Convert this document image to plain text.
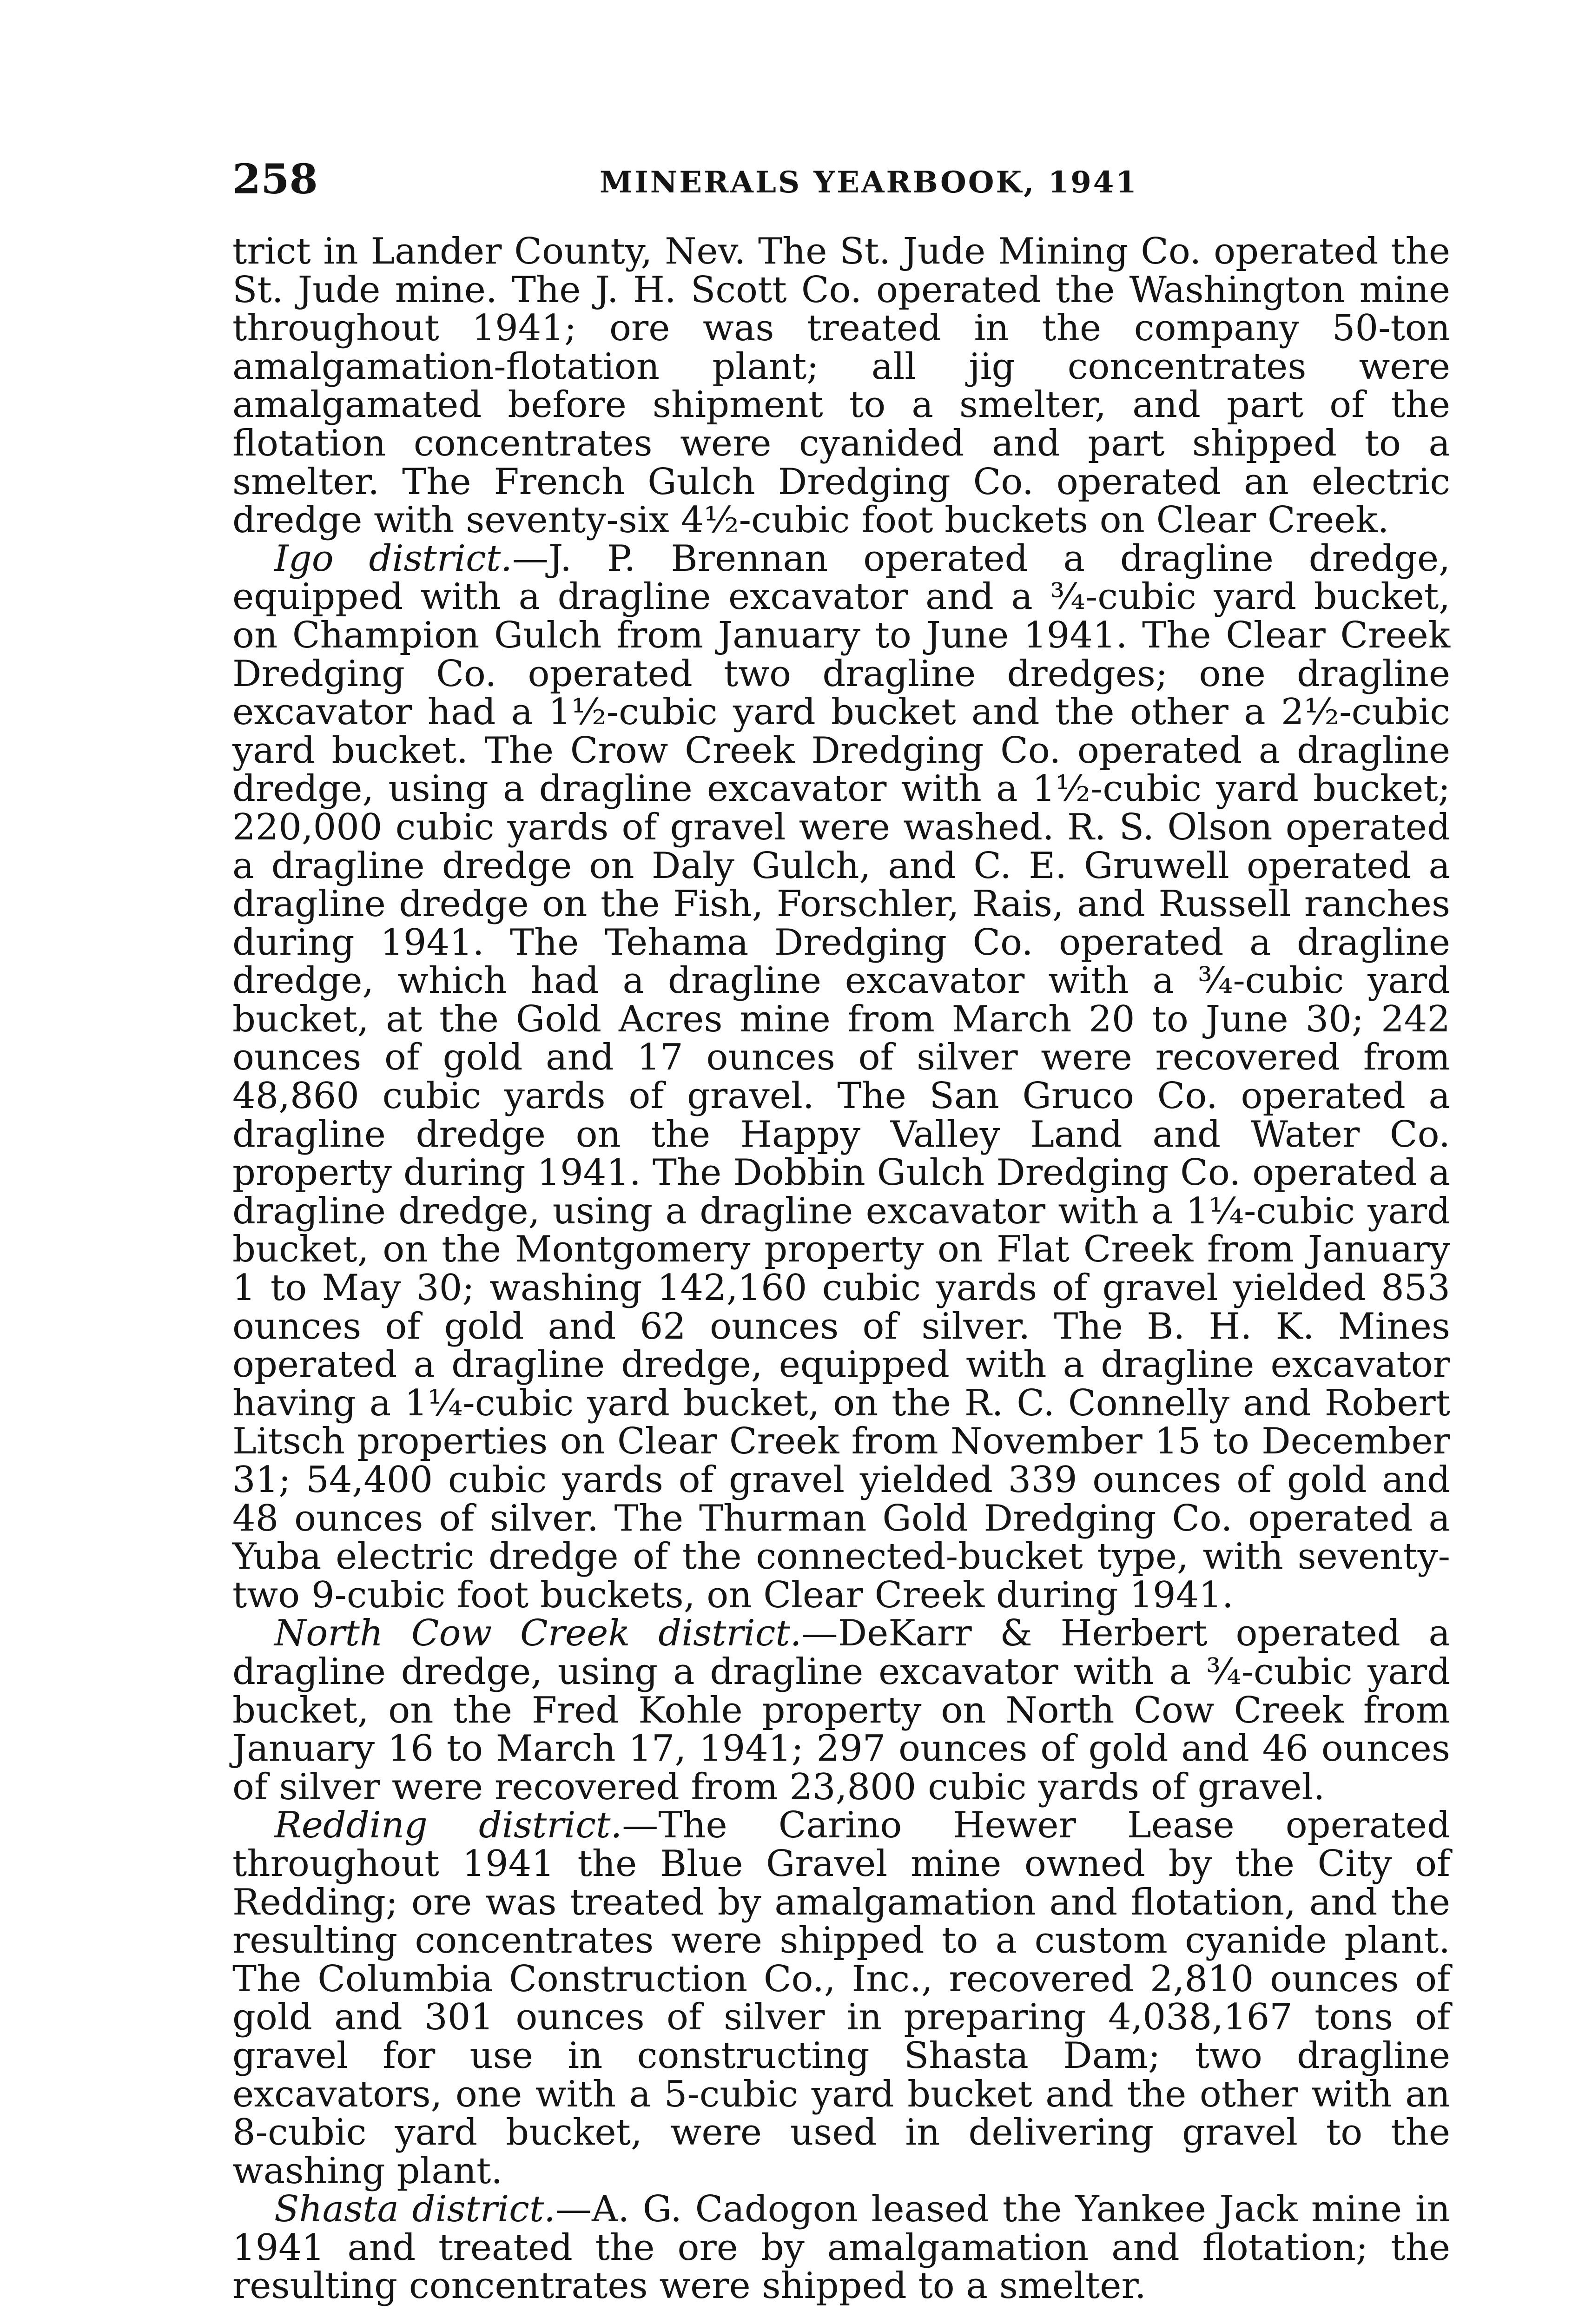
258	MINERALS YEARBOOK, 1941

trict in Lander County, Nev. The St. Jude Mining Co. operated the St. Jude mine. The J. H. Scott Co. operated the Washington mine throughout 1941; ore was treated in the company 50-ton amalgamation-flotation plant; all jig concentrates were amalgamated before shipment to a smelter, and part of the flotation concentrates were cyanided and part shipped to a smelter. The French Gulch Dredging Co. operated an electric dredge with seventy-six 4½-cubic foot buckets on Clear Creek.

Igo district.—J. P. Brennan operated a dragline dredge, equipped with a dragline excavator and a ¾-cubic yard bucket, on Champion Gulch from January to June 1941. The Clear Creek Dredging Co. operated two dragline dredges; one dragline excavator had a 1½-cubic yard bucket and the other a 2½-cubic yard bucket. The Crow Creek Dredging Co. operated a dragline dredge, using a dragline excavator with a 1½-cubic yard bucket; 220,000 cubic yards of gravel were washed. R. S. Olson operated a dragline dredge on Daly Gulch, and C. E. Gruwell operated a dragline dredge on the Fish, Forschler, Rais, and Russell ranches during 1941. The Tehama Dredging Co. operated a dragline dredge, which had a dragline excavator with a ¾-cubic yard bucket, at the Gold Acres mine from March 20 to June 30; 242 ounces of gold and 17 ounces of silver were recovered from 48,860 cubic yards of gravel. The San Gruco Co. operated a dragline dredge on the Happy Valley Land and Water Co. property during 1941. The Dobbin Gulch Dredging Co. operated a dragline dredge, using a dragline excavator with a 1¼-cubic yard bucket, on the Montgomery property on Flat Creek from January 1 to May 30; washing 142,160 cubic yards of gravel yielded 853 ounces of gold and 62 ounces of silver. The B. H. K. Mines operated a dragline dredge, equipped with a dragline excavator having a 1¼-cubic yard bucket, on the R. C. Connelly and Robert Litsch properties on Clear Creek from November 15 to December 31; 54,400 cubic yards of gravel yielded 339 ounces of gold and 48 ounces of silver. The Thurman Gold Dredging Co. operated a Yuba electric dredge of the connected-bucket type, with seventy-two 9-cubic foot buckets, on Clear Creek during 1941.

North Cow Creek district.—DeKarr & Herbert operated a dragline dredge, using a dragline excavator with a ¾-cubic yard bucket, on the Fred Kohle property on North Cow Creek from January 16 to March 17, 1941; 297 ounces of gold and 46 ounces of silver were recovered from 23,800 cubic yards of gravel.

Redding district.—The Carino Hewer Lease operated throughout 1941 the Blue Gravel mine owned by the City of Redding; ore was treated by amalgamation and flotation, and the resulting concentrates were shipped to a custom cyanide plant. The Columbia Construction Co., Inc., recovered 2,810 ounces of gold and 301 ounces of silver in preparing 4,038,167 tons of gravel for use in constructing Shasta Dam; two dragline excavators, one with a 5-cubic yard bucket and the other with an 8-cubic yard bucket, were used in delivering gravel to the washing plant.

Shasta district.—A. G. Cadogon leased the Yankee Jack mine in 1941 and treated the ore by amalgamation and flotation; the resulting concentrates were shipped to a smelter.
